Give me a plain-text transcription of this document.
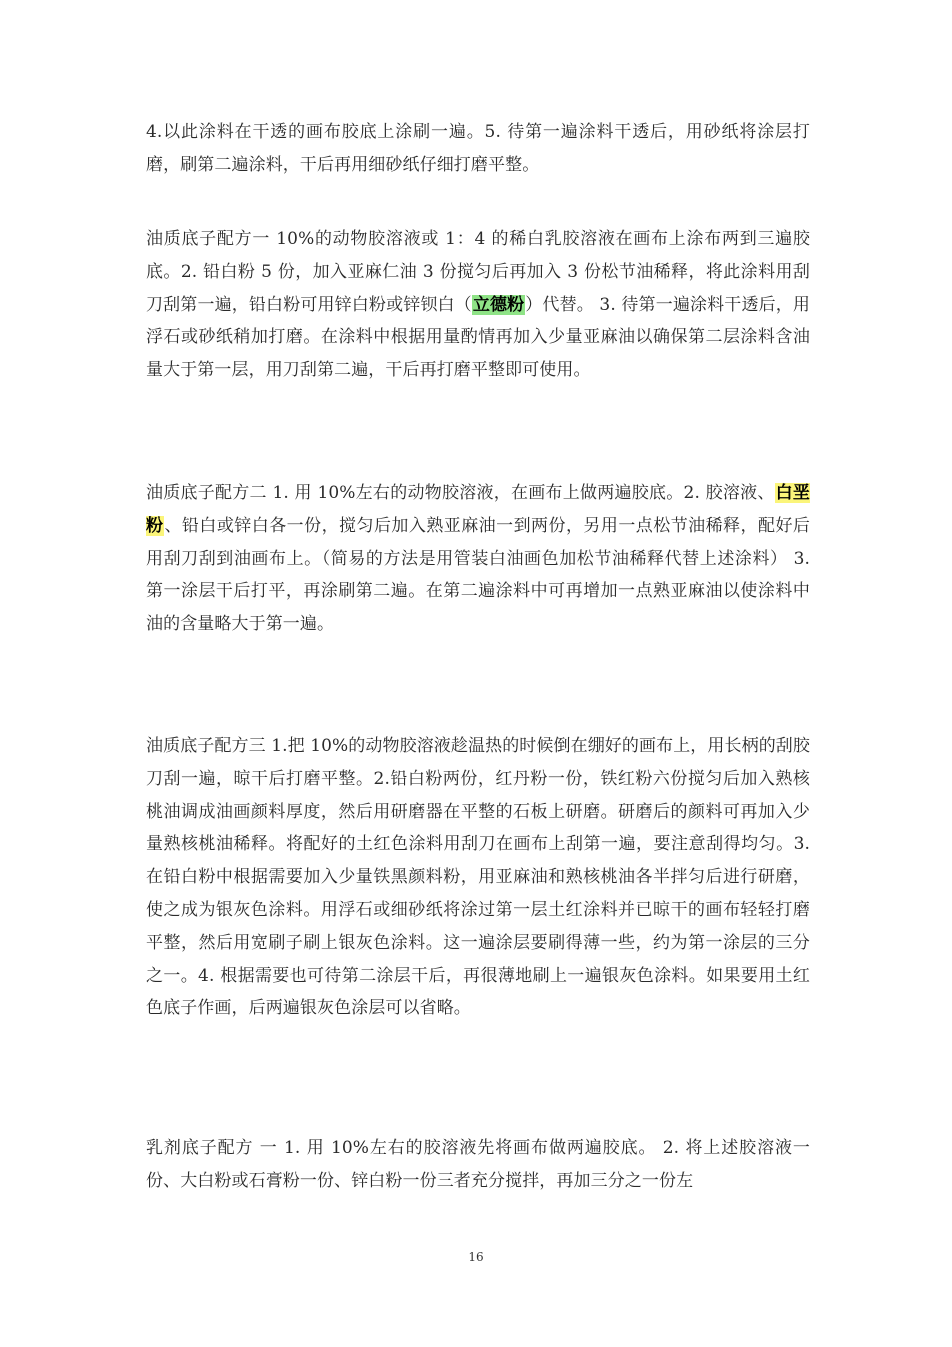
4.以此涂料在干透的画布胶底上涂刷一遍。5. 待第一遍涂料干透后，用砂纸将涂层打磨，刷第二遍涂料，干后再用细砂纸仔细打磨平整。

油质底子配方一 10%的动物胶溶液或 1：4 的稀白乳胶溶液在画布上涂布两到三遍胶底。2. 铅白粉 5 份，加入亚麻仁油 3 份搅匀后再加入 3 份松节油稀释，将此涂料用刮刀刮第一遍，铅白粉可用锌白粉或锌钡白（立德粉）代替。 3. 待第一遍涂料干透后，用浮石或砂纸稍加打磨。在涂料中根据用量酌情再加入少量亚麻油以确保第二层涂料含油量大于第一层，用刀刮第二遍，干后再打磨平整即可使用。

油质底子配方二 1. 用 10%左右的动物胶溶液，在画布上做两遍胶底。2. 胶溶液、白垩粉、铅白或锌白各一份，搅匀后加入熟亚麻油一到两份，另用一点松节油稀释，配好后用刮刀刮到油画布上。（简易的方法是用管装白油画色加松节油稀释代替上述涂料） 3. 第一涂层干后打平，再涂刷第二遍。在第二遍涂料中可再增加一点熟亚麻油以使涂料中油的含量略大于第一遍。

油质底子配方三 1.把 10%的动物胶溶液趁温热的时候倒在绷好的画布上，用长柄的刮胶刀刮一遍，晾干后打磨平整。2.铅白粉两份，红丹粉一份，铁红粉六份搅匀后加入熟核桃油调成油画颜料厚度，然后用研磨器在平整的石板上研磨。研磨后的颜料可再加入少量熟核桃油稀释。将配好的土红色涂料用刮刀在画布上刮第一遍，要注意刮得均匀。3. 在铅白粉中根据需要加入少量铁黑颜料粉，用亚麻油和熟核桃油各半拌匀后进行研磨，使之成为银灰色涂料。用浮石或细砂纸将涂过第一层土红涂料并已晾干的画布轻轻打磨平整，然后用宽刷子刷上银灰色涂料。这一遍涂层要刷得薄一些，约为第一涂层的三分之一。4. 根据需要也可待第二涂层干后，再很薄地刷上一遍银灰色涂料。如果要用土红色底子作画，后两遍银灰色涂层可以省略。

乳剂底子配方 一 1. 用 10%左右的胶溶液先将画布做两遍胶底。 2. 将上述胶溶液一份、大白粉或石膏粉一份、锌白粉一份三者充分搅拌，再加三分之一份左

16
